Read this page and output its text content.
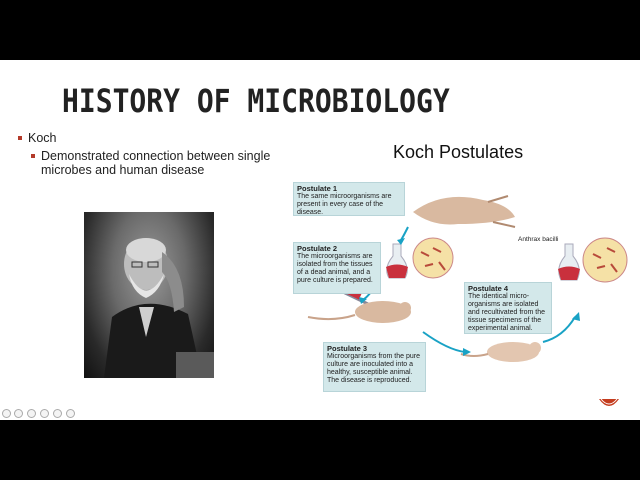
HISTORY OF MICROBIOLOGY
Koch
Demonstrated connection between single microbes and human disease
Koch Postulates
Postulate 1
The same microorganisms are present in every case of the disease.
Postulate 2
The microorganisms are isolated from the tissues of a dead animal, and a pure culture is prepared.
Postulate 3
Microorganisms from the pure culture are inoculated into a healthy, susceptible animal. The disease is reproduced.
Postulate 4
The identical micro-organisms are isolated and recultivated from the tissue specimens of the experimental animal.
Anthrax bacilli
